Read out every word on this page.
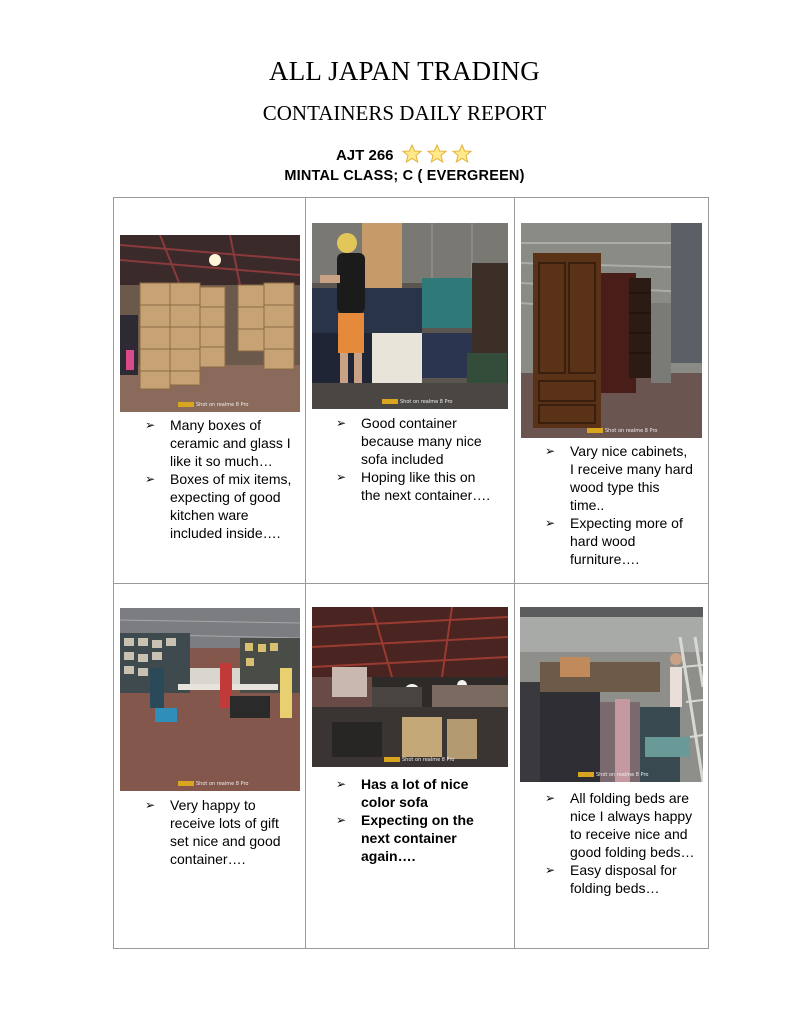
ALL JAPAN TRADING
CONTAINERS DAILY REPORT
AJT 266
MINTAL CLASS; C ( EVERGREEN)
Shot on realme 8 Pro
➢ Many boxes of ceramic and glass I like it so much…
➢ Boxes of mix items, expecting of good kitchen ware included inside….
Shot on realme 8 Pro
➢ Good container because many nice sofa included
➢ Hoping like this on the next container….
Shot on realme 8 Pro
➢ Vary nice cabinets, I receive many hard wood type this time..
➢ Expecting more of hard wood furniture….
Shot on realme 8 Pro
➢ Very happy to receive lots of gift set nice and good container….
Shot on realme 8 Pro
➢ Has a lot of nice color sofa
➢ Expecting on the next container again….
Shot on realme 8 Pro
➢ All folding beds are nice I always happy to receive nice and good folding beds…
➢ Easy disposal for folding beds…
